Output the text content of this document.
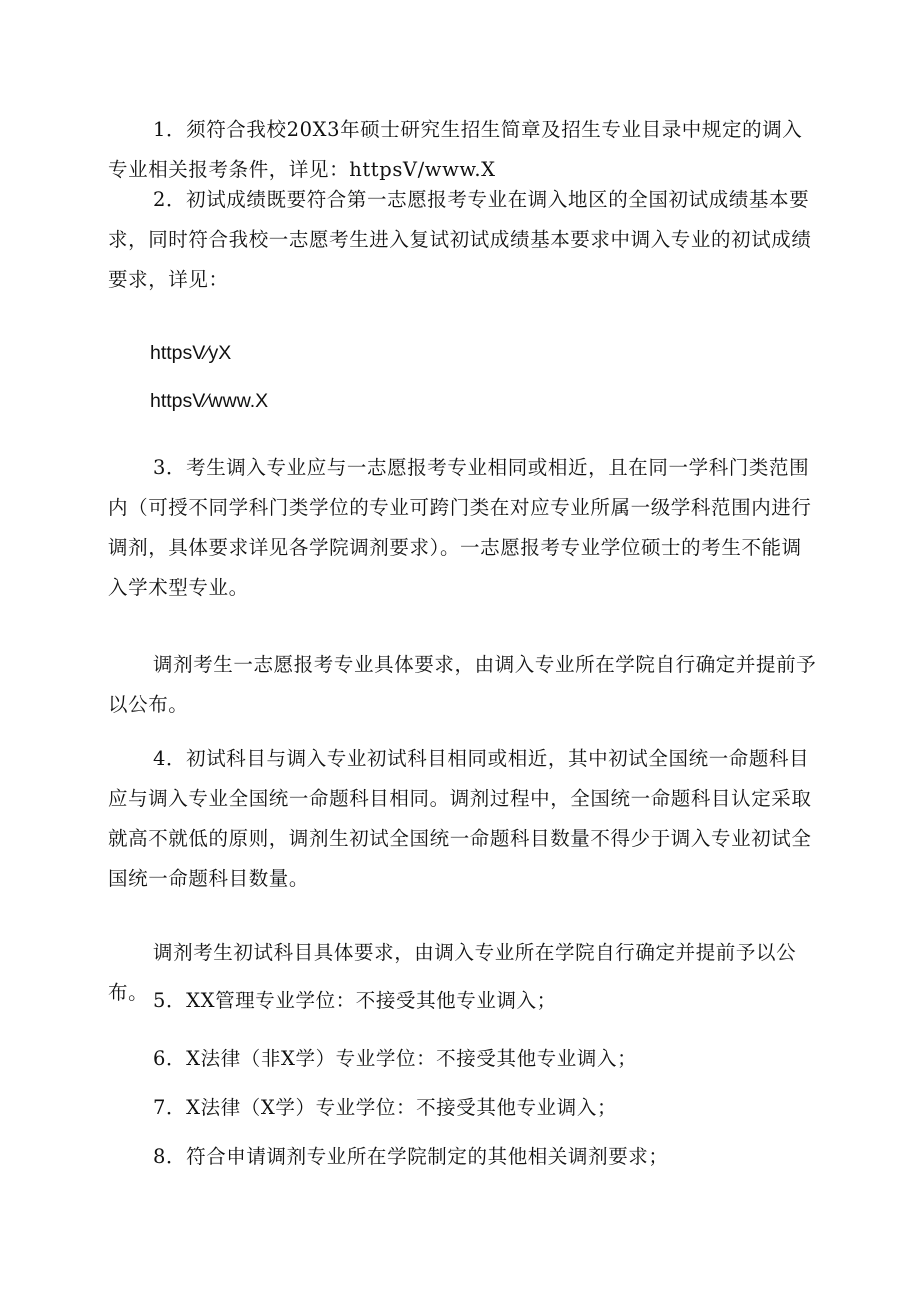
1．须符合我校20X3年硕士研究生招生简章及招生专业目录中规定的调入专业相关报考条件，详见：httpsV∕www.X

2．初试成绩既要符合第一志愿报考专业在调入地区的全国初试成绩基本要求，同时符合我校一志愿考生进入复试初试成绩基本要求中调入专业的初试成绩要求，详见：

httpsV∕yX

httpsV∕www.X

3．考生调入专业应与一志愿报考专业相同或相近，且在同一学科门类范围内（可授不同学科门类学位的专业可跨门类在对应专业所属一级学科范围内进行调剂，具体要求详见各学院调剂要求）。一志愿报考专业学位硕士的考生不能调入学术型专业。

调剂考生一志愿报考专业具体要求，由调入专业所在学院自行确定并提前予以公布。

4．初试科目与调入专业初试科目相同或相近，其中初试全国统一命题科目应与调入专业全国统一命题科目相同。调剂过程中，全国统一命题科目认定采取就高不就低的原则，调剂生初试全国统一命题科目数量不得少于调入专业初试全国统一命题科目数量。

调剂考生初试科目具体要求，由调入专业所在学院自行确定并提前予以公布。 5．XX管理专业学位：不接受其他专业调入；

6．X法律（非X学）专业学位：不接受其他专业调入；

7．X法律（X学）专业学位：不接受其他专业调入；

8．符合申请调剂专业所在学院制定的其他相关调剂要求；
